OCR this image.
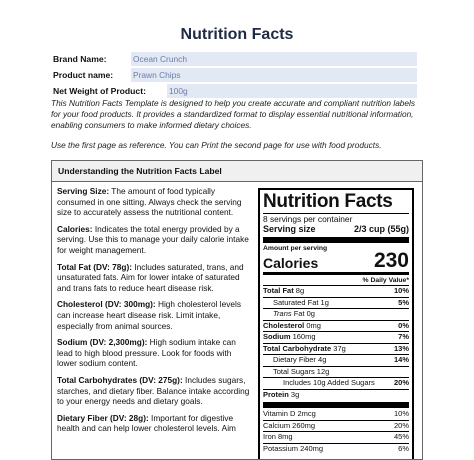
Nutrition Facts
Brand Name:	Ocean Crunch
Product name: Prawn Chips
Net Weight of Product:	100g
This Nutrition Facts Template is designed to help you create accurate and compliant nutrition labels for your food products. It provides a standardized format to display essential nutritional information, enabling consumers to make informed dietary choices.
Use the first page as reference. You can Print the second page for use with food products.
Understanding the Nutrition Facts Label

Serving Size: The amount of food typically consumed in one sitting. Always check the serving size to accurately assess the nutritional content.

Calories: Indicates the total energy provided by a serving. Use this to manage your daily calorie intake for weight management.

Total Fat (DV: 78g): Includes saturated, trans, and unsaturated fats. Aim for lower intake of saturated and trans fats to reduce heart disease risk.

Cholesterol (DV: 300mg): High cholesterol levels can increase heart disease risk. Limit intake, especially from animal sources.

Sodium (DV: 2,300mg): High sodium intake can lead to high blood pressure. Look for foods with lower sodium content.

Total Carbohydrates (DV: 275g): Includes sugars, starches, and dietary fiber. Balance intake according to your energy needs and dietary goals.

Dietary Fiber (DV: 28g): Important for digestive health and can help lower cholesterol levels. Aim

Nutrition Facts
8 servings per container
Serving size	2/3 cup (55g)
Amount per serving
Calories	230
% Daily Value*
Total Fat 8g	10%
Saturated Fat 1g	5%
Trans Fat 0g
Cholesterol 0mg	0%
Sodium 160mg	7%
Total Carbohydrate 37g	13%
Dietary Fiber 4g	14%
Total Sugars 12g
Includes 10g Added Sugars	20%
Protein 3g
Vitamin D 2mcg	10%
Calcium 260mg	20%
Iron 8mg	45%
Potassium 240mg	6%
